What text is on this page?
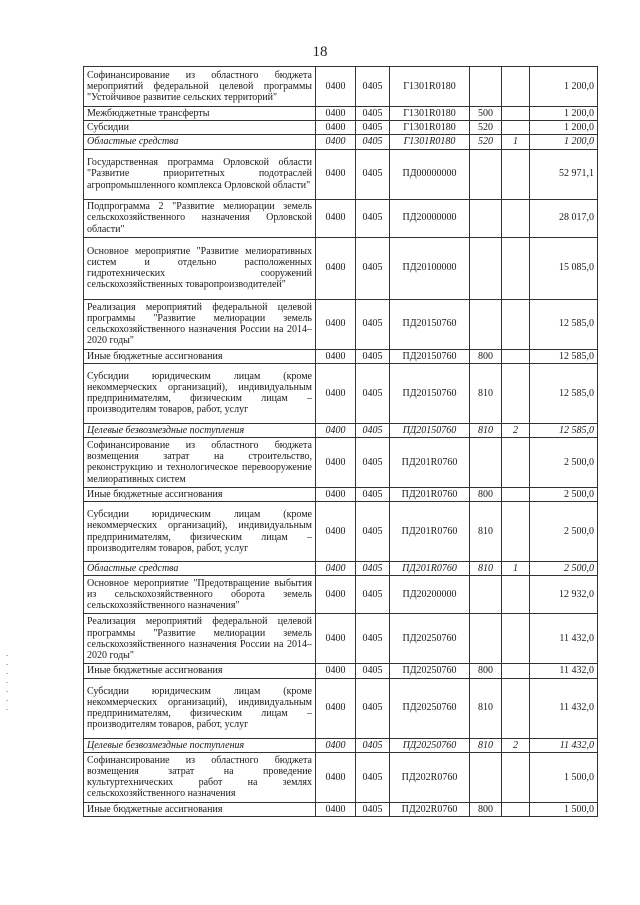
18
Софинансирование из областного бюджета мероприятий федеральной целевой программы "Устойчивое развитие сельских территорий"	0400	0405	Г1301R0180			1 200,0
Межбюджетные трансферты	0400	0405	Г1301R0180	500		1 200,0
Субсидии	0400	0405	Г1301R0180	520		1 200,0
Областные средства	0400	0405	Г1301R0180	520	1	1 200,0
Государственная программа Орловской области "Развитие приоритетных подотраслей агропромышленного комплекса Орловской области"	0400	0405	ПД00000000			52 971,1
Подпрограмма 2 "Развитие мелиорации земель сельскохозяйственного назначения Орловской области"	0400	0405	ПД20000000			28 017,0
Основное мероприятие "Развитие мелиоративных систем и отдельно расположенных гидротехнических сооружений сельскохозяйственных товаропроизводителей"	0400	0405	ПД20100000			15 085,0
Реализация мероприятий федеральной целевой программы "Развитие мелиорации земель сельскохозяйственного назначения России на 2014–2020 годы"	0400	0405	ПД20150760			12 585,0
Иные бюджетные ассигнования	0400	0405	ПД20150760	800		12 585,0
Субсидии юридическим лицам (кроме некоммерческих организаций), индивидуальным предпринимателям, физическим лицам – производителям товаров, работ, услуг	0400	0405	ПД20150760	810		12 585,0
Целевые безвозмездные поступления	0400	0405	ПД20150760	810	2	12 585,0
Софинансирование из областного бюджета возмещения затрат на строительство, реконструкцию и технологическое перевооружение мелиоративных систем	0400	0405	ПД201R0760			2 500,0
Иные бюджетные ассигнования	0400	0405	ПД201R0760	800		2 500,0
Субсидии юридическим лицам (кроме некоммерческих организаций), индивидуальным предпринимателям, физическим лицам – производителям товаров, работ, услуг	0400	0405	ПД201R0760	810		2 500,0
Областные средства	0400	0405	ПД201R0760	810	1	2 500,0
Основное мероприятие "Предотвращение выбытия из сельскохозяйственного оборота земель сельскохозяйственного назначения"	0400	0405	ПД20200000			12 932,0
Реализация мероприятий федеральной целевой программы "Развитие мелиорации земель сельскохозяйственного назначения России на 2014–2020 годы"	0400	0405	ПД20250760			11 432,0
Иные бюджетные ассигнования	0400	0405	ПД20250760	800		11 432,0
Субсидии юридическим лицам (кроме некоммерческих организаций), индивидуальным предпринимателям, физическим лицам – производителям товаров, работ, услуг	0400	0405	ПД20250760	810		11 432,0
Целевые безвозмездные поступления	0400	0405	ПД20250760	810	2	11 432,0
Софинансирование из областного бюджета возмещения затрат на проведение культуртехнических работ на землях сельскохозяйственного назначения	0400	0405	ПД202R0760			1 500,0
Иные бюджетные ассигнования	0400	0405	ПД202R0760	800		1 500,0
